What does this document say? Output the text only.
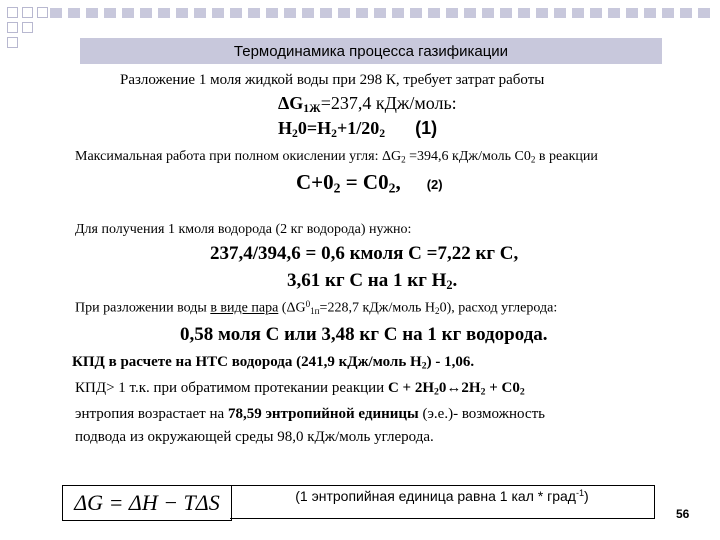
Термодинамика процесса газификации
Разложение 1 моля жидкой воды при 298 К, требует затрат работы
$\Delta G_{1Ж}=237,4$ кДж/моль:
$H_20=H_2+1/20_2$ (1)
Максимальная работа при полном окислении угля: $\Delta G_2 =394,6$ кДж/моль $С0_2$ в реакции
$C+0_2 = C0_2$, (2)
Для получения 1 кмоля водорода (2 кг водорода) нужно:
237,4/394,6 = 0,6 кмоля С =7,22 кг С,
3,61 кг С на 1 кг $Н_2$.
При разложении воды в виде пара ($\Delta G^0_{1п}=228,7$ кДж/моль $H_20$), расход углерода:
0,58 моля С или 3,48 кг С на 1 кг водорода.
КПД в расчете на НТС водорода (241,9 кДж/моль $Н_2) - 1,06$.
КПД> 1 т.к. при обратимом протекании реакции $С + 2Н_20\leftrightarrow 2Н_2 + С0_2$
энтропия возрастает на 78,59 энтропийной единицы (э.е.)- возможность
подвода из окружающей среды 98,0 кДж/моль углерода.
ΔG = ΔH − TΔS	(1 энтропийная единица равна 1 кал * град -1 )
56
